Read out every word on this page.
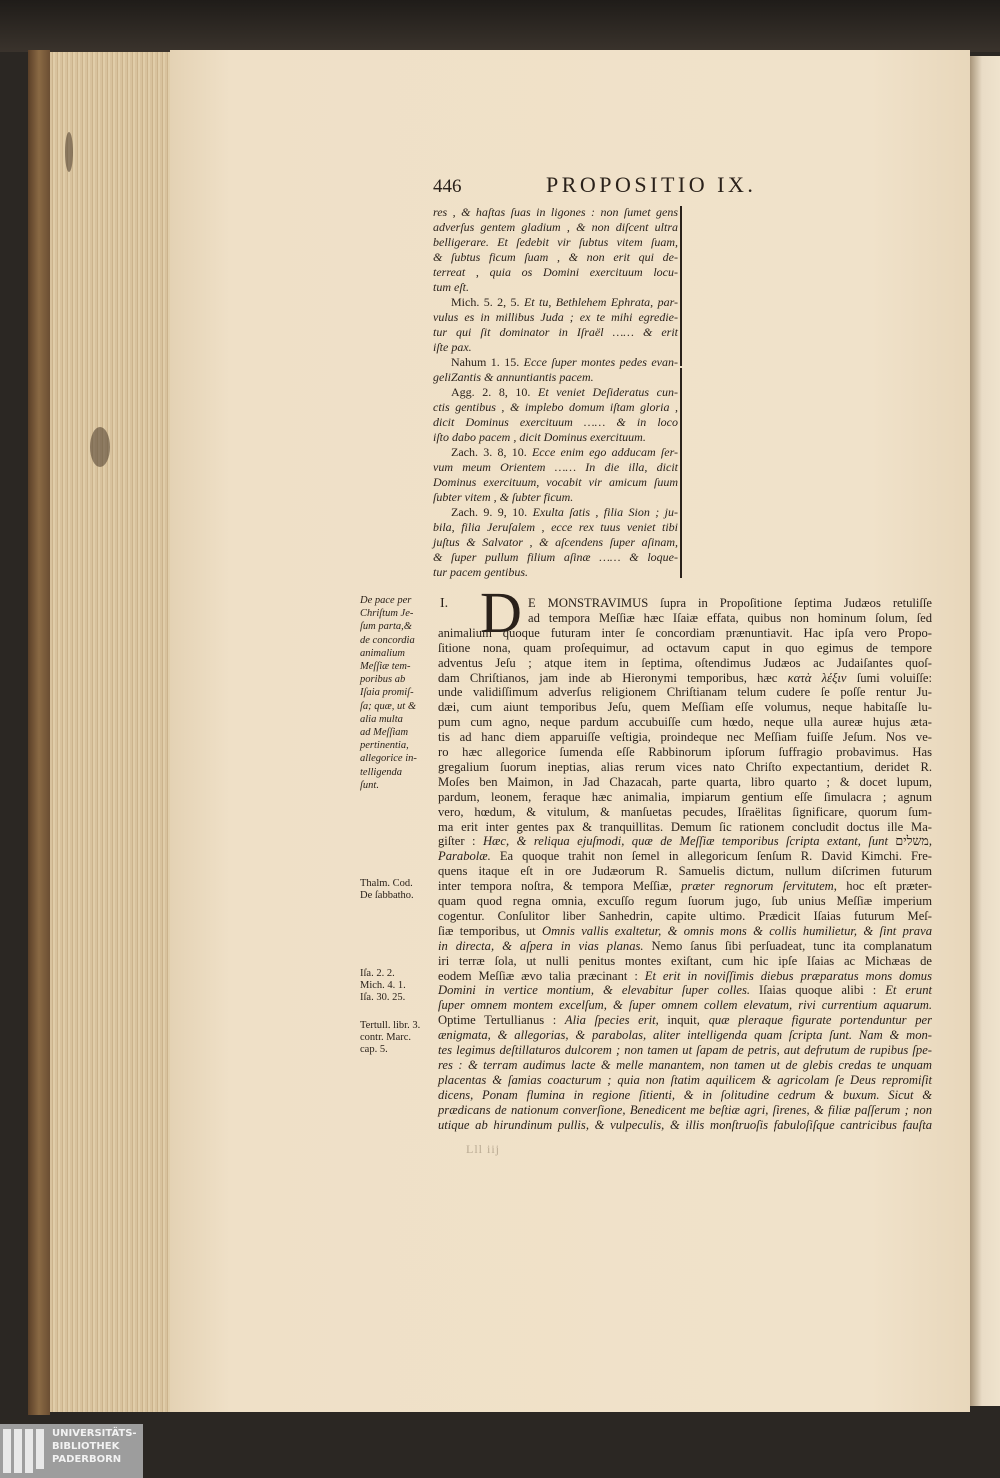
446	PROPOSITIO IX.
res , & haſtas ſuas in ligones : non ſumet gens
adverſus gentem gladium , & non diſcent ultra
belligerare. Et ſedebit vir ſubtus vitem ſuam,
& ſubtus ficum ſuam , & non erit qui de-
terreat , quia os Domini exercituum locu-
tum eſt.
Mich. 5. 2, 5. Et tu, Bethlehem Ephrata, par-
vulus es in millibus Juda ; ex te mihi egredie-
tur qui ſit dominator in Iſraël …… & erit
iſte pax.
Nahum 1. 15. Ecce ſuper montes pedes evan-
geliZantis & annuntiantis pacem.
Agg. 2. 8, 10. Et veniet Deſideratus cun-
ctis gentibus , & implebo domum iſtam gloria ,
dicit Dominus exercituum …… & in loco
iſto dabo pacem , dicit Dominus exercituum.
Zach. 3. 8, 10. Ecce enim ego adducam ſer-
vum meum Orientem …… In die illa, dicit
Dominus exercituum, vocabit vir amicum ſuum
ſubter vitem , & ſubter ficum.
Zach. 9. 9, 10. Exulta ſatis , filia Sion ; ju-
bila, filia Jeruſalem , ecce rex tuus veniet tibi
juſtus & Salvator , & aſcendens ſuper aſinam,
& ſuper pullum filium aſinæ …… & loque-
tur pacem gentibus.
I. D E MONSTRAVIMUS ſupra in Propoſitione ſeptima Judæos retuliſſe
ad tempora Meſſiæ hæc Iſaiæ effata, quibus non hominum ſolum, ſed
animalium quoque futuram inter ſe concordiam prænuntiavit. Hac ipſa vero Propo-
ſitione nona, quam proſequimur, ad octavum caput in quo egimus de tempore
adventus Jeſu ; atque item in ſeptima, oſtendimus Judæos ac Judaiſantes quoſ-
dam Chriſtianos, jam inde ab Hieronymi temporibus, hæc κατὰ λέξιν ſumi voluiſſe:
unde validiſſimum adverſus religionem Chriſtianam telum cudere ſe poſſe rentur Ju-
dæi, cum aiunt temporibus Jeſu, quem Meſſiam eſſe volumus, neque habitaſſe lu-
pum cum agno, neque pardum accubuiſſe cum hœdo, neque ulla aureæ hujus æta-
tis ad hanc diem apparuiſſe veſtigia, proindeque nec Meſſiam fuiſſe Jeſum. Nos ve-
ro hæc allegorice ſumenda eſſe Rabbinorum ipſorum ſuffragio probavimus. Has
gregalium ſuorum ineptias, alias rerum vices nato Chriſto expectantium, deridet R.
Moſes ben Maimon, in Jad Chazacah, parte quarta, libro quarto ; & docet lupum,
pardum, leonem, feraque hæc animalia, impiarum gentium eſſe ſimulacra ; agnum
vero, hœdum, & vitulum, & manſuetas pecudes, Iſraëlitas ſignificare, quorum ſum-
ma erit inter gentes pax & tranquillitas. Demum ſic rationem concludit doctus ille Ma-
giſter : Hæc, & reliqua ejuſmodi, quæ de Meſſiæ temporibus ſcripta extant, ſunt משלים,
Parabolæ. Ea quoque trahit non ſemel in allegoricum ſenſum R. David Kimchi. Fre-
quens itaque eſt in ore Judæorum R. Samuelis dictum, nullum diſcrimen futurum
inter tempora noſtra, & tempora Meſſiæ, præter regnorum ſervitutem, hoc eſt præter-
quam quod regna omnia, excuſſo regum ſuorum jugo, ſub unius Meſſiæ imperium
cogentur. Conſulitor liber Sanhedrin, capite ultimo. Prædicit Iſaias futurum Meſ-
ſiæ temporibus, ut Omnis vallis exaltetur, & omnis mons & collis humilietur, & ſint prava
in directa, & aſpera in vias planas. Nemo ſanus ſibi perſuadeat, tunc ita complanatum
iri terræ ſola, ut nulli penitus montes exiſtant, cum hic ipſe Iſaias ac Michæas de
eodem Meſſiæ ævo talia præcinant : Et erit in noviſſimis diebus præparatus mons domus
Domini in vertice montium, & elevabitur ſuper colles. Iſaias quoque alibi : Et erunt
ſuper omnem montem excelſum, & ſuper omnem collem elevatum, rivi currentium aquarum.
Optime Tertullianus : Alia ſpecies erit, inquit, quæ pleraque figurate portenduntur per
ænigmata, & allegorias, & parabolas, aliter intelligenda quam ſcripta ſunt. Nam & mon-
tes legimus deſtillaturos dulcorem ; non tamen ut ſapam de petris, aut defrutum de rupibus ſpe-
res : & terram audimus lacte & melle manantem, non tamen ut de glebis credas te unquam
placentas & ſamias coacturum ; quia non ſtatim aquilicem & agricolam ſe Deus repromiſit
dicens, Ponam flumina in regione ſitienti, & in ſolitudine cedrum & buxum. Sicut &
prædicans de nationum converſione, Benedicent me beſtiæ agri, ſirenes, & filiæ paſſerum ; non
utique ab hirundinum pullis, & vulpeculis, & illis monſtruoſis fabuloſiſque cantricibus fauſta
De pace per
Chriſtum Je-
ſum parta,&
de concordia
animalium
Meſſiæ tem-
poribus ab
Iſaia promiſ-
ſa; quæ, ut &
alia multa
ad Meſſiam
pertinentia,
allegorice in-
telligenda
ſunt.
Thalm. Cod.
De ſabbatho.
Iſa. 2. 2.
Mich. 4. 1.
Iſa. 30. 25.
Tertull. libr. 3.
contr. Marc.
cap. 5.
Lll iij
UNIVERSITÄTS-
BIBLIOTHEK
PADERBORN
